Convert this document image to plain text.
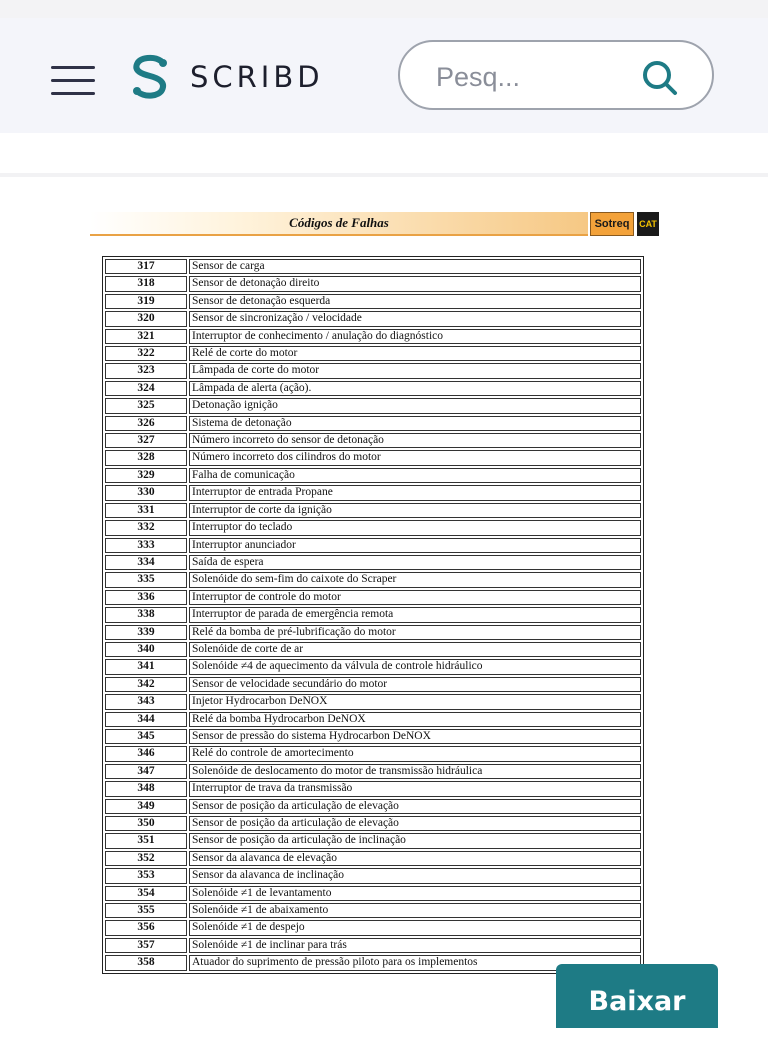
SCRIBD
Pesq...
Códigos de Falhas	Sotreq	CAT
317	Sensor de carga
318	Sensor de detonação direito
319	Sensor de detonação esquerda
320	Sensor de sincronização / velocidade
321	Interruptor de conhecimento / anulação do diagnóstico
322	Relé de corte do motor
323	Lâmpada de corte do motor
324	Lâmpada de alerta (ação).
325	Detonação ignição
326	Sistema de detonação
327	Número incorreto do sensor de detonação
328	Número incorreto dos cilindros do motor
329	Falha de comunicação
330	Interruptor de entrada Propane
331	Interruptor de corte da ignição
332	Interruptor do teclado
333	Interruptor anunciador
334	Saída de espera
335	Solenóide do sem-fim do caixote do Scraper
336	Interruptor de controle do motor
338	Interruptor de parada de emergência remota
339	Relé da bomba de pré-lubrificação do motor
340	Solenóide de corte de ar
341	Solenóide ≠4 de aquecimento da válvula de controle hidráulico
342	Sensor de velocidade secundário do motor
343	Injetor Hydrocarbon DeNOX
344	Relé da bomba Hydrocarbon DeNOX
345	Sensor de pressão do sistema Hydrocarbon DeNOX
346	Relé do controle de amortecimento
347	Solenóide de deslocamento do motor de transmissão hidráulica
348	Interruptor de trava da transmissão
349	Sensor de posição da articulação de elevação
350	Sensor de posição da articulação de elevação
351	Sensor de posição da articulação de inclinação
352	Sensor da alavanca de elevação
353	Sensor da alavanca de inclinação
354	Solenóide ≠1 de levantamento
355	Solenóide ≠1 de abaixamento
356	Solenóide ≠1 de despejo
357	Solenóide ≠1 de inclinar para trás
358	Atuador do suprimento de pressão piloto para os implementos
Baixar
